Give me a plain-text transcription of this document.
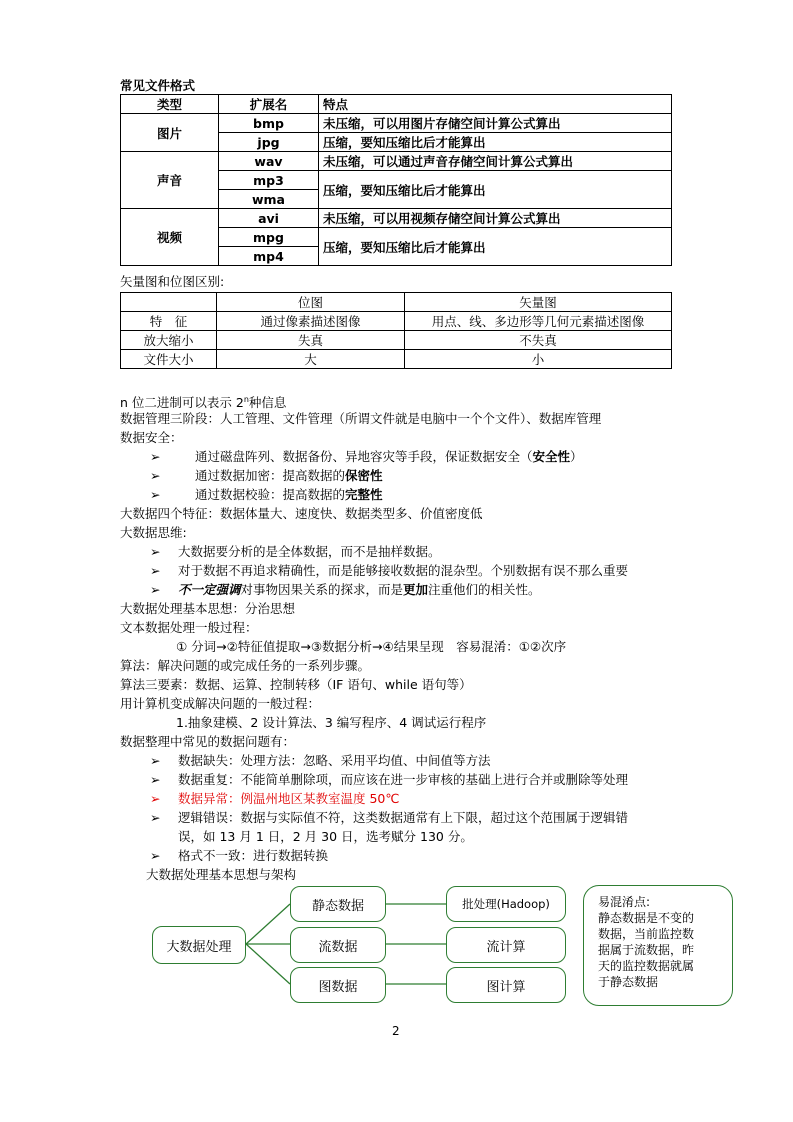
常见文件格式
类型	扩展名	特点
图片	bmp	未压缩，可以用图片存储空间计算公式算出
	jpg	压缩，要知压缩比后才能算出
声音	wav	未压缩，可以通过声音存储空间计算公式算出
	mp3	压缩，要知压缩比后才能算出
	wma	
视频	avi	未压缩，可以用视频存储空间计算公式算出
	mpg	压缩，要知压缩比后才能算出
	mp4	
矢量图和位图区别:
	位图	矢量图
特　征	通过像素描述图像	用点、线、多边形等几何元素描述图像
放大缩小	失真	不失真
文件大小	大	小
n 位二进制可以表示 2$^n$种信息
数据管理三阶段：人工管理、文件管理（所谓文件就是电脑中一个个文件）、数据库管理
数据安全：
➢	通过磁盘阵列、数据备份、异地容灾等手段，保证数据安全（安全性）
➢	通过数据加密：提高数据的保密性
➢	通过数据校验：提高数据的完整性
大数据四个特征：数据体量大、速度快、数据类型多、价值密度低
大数据思维:
➢ 大数据要分析的是全体数据，而不是抽样数据。
➢ 对于数据不再追求精确性，而是能够接收数据的混杂型。个别数据有误不那么重要
➢ 不一定强调对事物因果关系的探求，而是更加注重他们的相关性。
大数据处理基本思想：分治思想
文本数据处理一般过程：
① 分词→②特征值提取→③数据分析→④结果呈现　容易混淆：①②次序
算法：解决问题的或完成任务的一系列步骤。
算法三要素：数据、运算、控制转移（IF 语句、while 语句等）
用计算机变成解决问题的一般过程：
1.抽象建模、2 设计算法、3 编写程序、4 调试运行程序
数据整理中常见的数据问题有：
➢ 数据缺失：处理方法：忽略、采用平均值、中间值等方法
➢ 数据重复：不能简单删除项，而应该在进一步审核的基础上进行合并或删除等处理
➢ 数据异常：例温州地区某教室温度 50℃
➢ 逻辑错误：数据与实际值不符，这类数据通常有上下限，超过这个范围属于逻辑错
误，如 13 月 1 日，2 月 30 日，选考赋分 130 分。
➢ 格式不一致：进行数据转换
大数据处理基本思想与架构
大数据处理
静态数据
流数据
图数据
批处理(Hadoop)
流计算
图计算
易混淆点:
静态数据是不变的
数据，当前监控数
据属于流数据，昨
天的监控数据就属
于静态数据
2
